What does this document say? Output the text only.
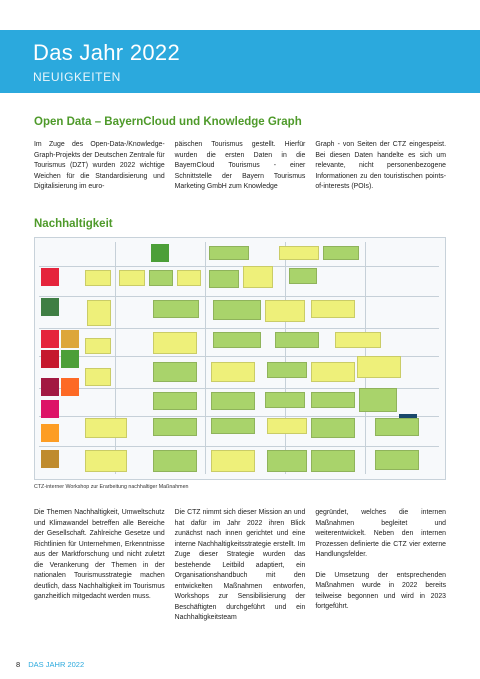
Das Jahr 2022
NEUIGKEITEN
Open Data – BayernCloud und Knowledge Graph

Im Zuge des Open-Data-/Knowledge-Graph-Projekts der Deutschen Zentrale für Tourismus (DZT) wurden 2022 wichtige Weichen für die Standardisierung und Digitalisierung im euro-

päischen Tourismus gestellt. Hierfür wurden die ersten Daten in die BayernCloud Tourismus - einer Schnittstelle der Bayern Tourismus Marketing GmbH zum Knowledge

Graph - von Seiten der CTZ eingespeist. Bei diesen Daten handelte es sich um relevante, nicht personenbezogene Informationen zu den touristischen points-of-interests (POIs).

Nachhaltigkeit
CTZ-interner Workshop zur Erarbeitung nachhaltiger Maßnahmen

Die Themen Nachhaltigkeit, Umweltschutz und Klimawandel betreffen alle Bereiche der Gesellschaft. Zahlreiche Gesetze und Richtlinien für Unternehmen, Erkenntnisse aus der Marktforschung und nicht zuletzt die Verankerung der Themen in der nationalen Tourismusstrategie machen deutlich, dass Nachhaltigkeit im Tourismus ganzheitlich mitgedacht werden muss.

Die CTZ nimmt sich dieser Mission an und hat dafür im Jahr 2022 ihren Blick zunächst nach innen gerichtet und eine interne Nachhaltigkeitsstrategie erstellt. Im Zuge dieser Strategie wurden das bestehende Leitbild adaptiert, ein Organisationshandbuch mit den entwickelten Maßnahmen entworfen, Workshops zur Sensibilisierung der Beschäftigten durchgeführt und ein Nachhaltigkeitsteam

gegründet, welches die internen Maßnahmen begleitet und weiterentwickelt. Neben den internen Prozessen definierte die CTZ vier externe Handlungsfelder.

Die Umsetzung der entsprechenden Maßnahmen wurde in 2022 bereits teilweise begonnen und wird in 2023 fortgeführt.

8 DAS JAHR 2022
